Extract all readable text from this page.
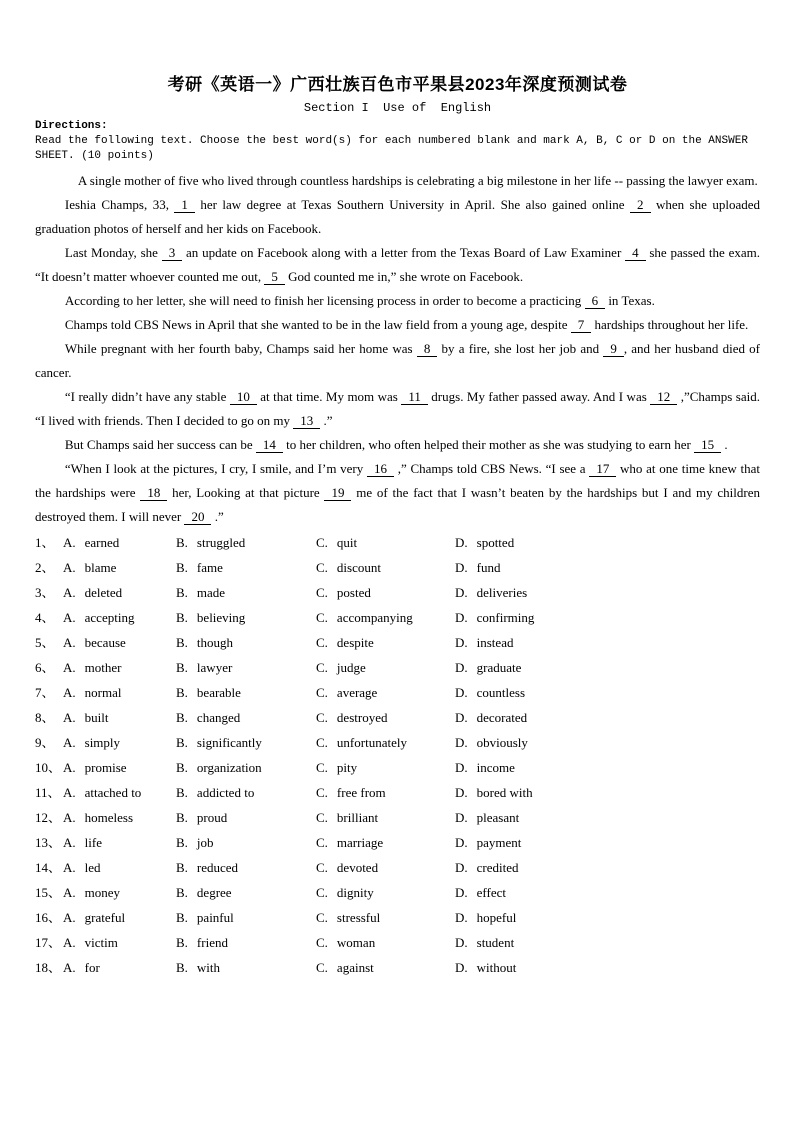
考研《英语一》广西壮族百色市平果县2023年深度预测试卷
Section I  Use of  English
Directions:
Read the following text. Choose the best word(s) for each numbered blank and mark A, B, C or D on the ANSWER SHEET. (10 points)

A single mother of five who lived through countless hardships is celebrating a big milestone in her life -- passing the lawyer exam.

Ieshia Champs, 33, 1 her law degree at Texas Southern University in April. She also gained online 2 when she uploaded graduation photos of herself and her kids on Facebook.

Last Monday, she 3 an update on Facebook along with a letter from the Texas Board of Law Examiner 4 she passed the exam. “It doesn’t matter whoever counted me out, 5 God counted me in,” she wrote on Facebook.

According to her letter, she will need to finish her licensing process in order to become a practicing 6 in Texas.

Champs told CBS News in April that she wanted to be in the law field from a young age, despite 7 hardships throughout her life.

While pregnant with her fourth baby, Champs said her home was 8 by a fire, she lost her job and 9 , and her husband died of cancer.

“I really didn’t have any stable 10 at that time. My mom was 11 drugs. My father passed away. And I was 12 ,”Champs said. “I lived with friends. Then I decided to go on my 13 .”

But Champs said her success can be 14 to her children, who often helped their mother as she was studying to earn her 15 .

“When I look at the pictures, I cry, I smile, and I’m very 16 ,” Champs told CBS News. “I see a 17 who at one time knew that the hardships were 18 her, Looking at that picture 19 me of the fact that I wasn’t beaten by the hardships but I and my children destroyed them. I will never 20 .”

1、 A. earned	B. struggled	C. quit	D. spotted
2、 A. blame	B. fame	C. discount	D. fund
3、 A. deleted	B. made	C. posted	D. deliveries
4、 A. accepting	B. believing	C. accompanying	D. confirming
5、 A. because	B. though	C. despite	D. instead
6、 A. mother	B. lawyer	C. judge	D. graduate
7、 A. normal	B. bearable	C. average	D. countless
8、 A. built	B. changed	C. destroyed	D. decorated
9、 A. simply	B. significantly	C. unfortunately	D. obviously
10、 A. promise	B. organization	C. pity	D. income
11、 A. attached to	B. addicted to	C. free from	D. bored with
12、 A. homeless	B. proud	C. brilliant	D. pleasant
13、 A. life	B. job	C. marriage	D. payment
14、 A. led	B. reduced	C. devoted	D. credited
15、 A. money	B. degree	C. dignity	D. effect
16、 A. grateful	B. painful	C. stressful	D. hopeful
17、 A. victim	B. friend	C. woman	D. student
18、 A. for	B. with	C. against	D. without
